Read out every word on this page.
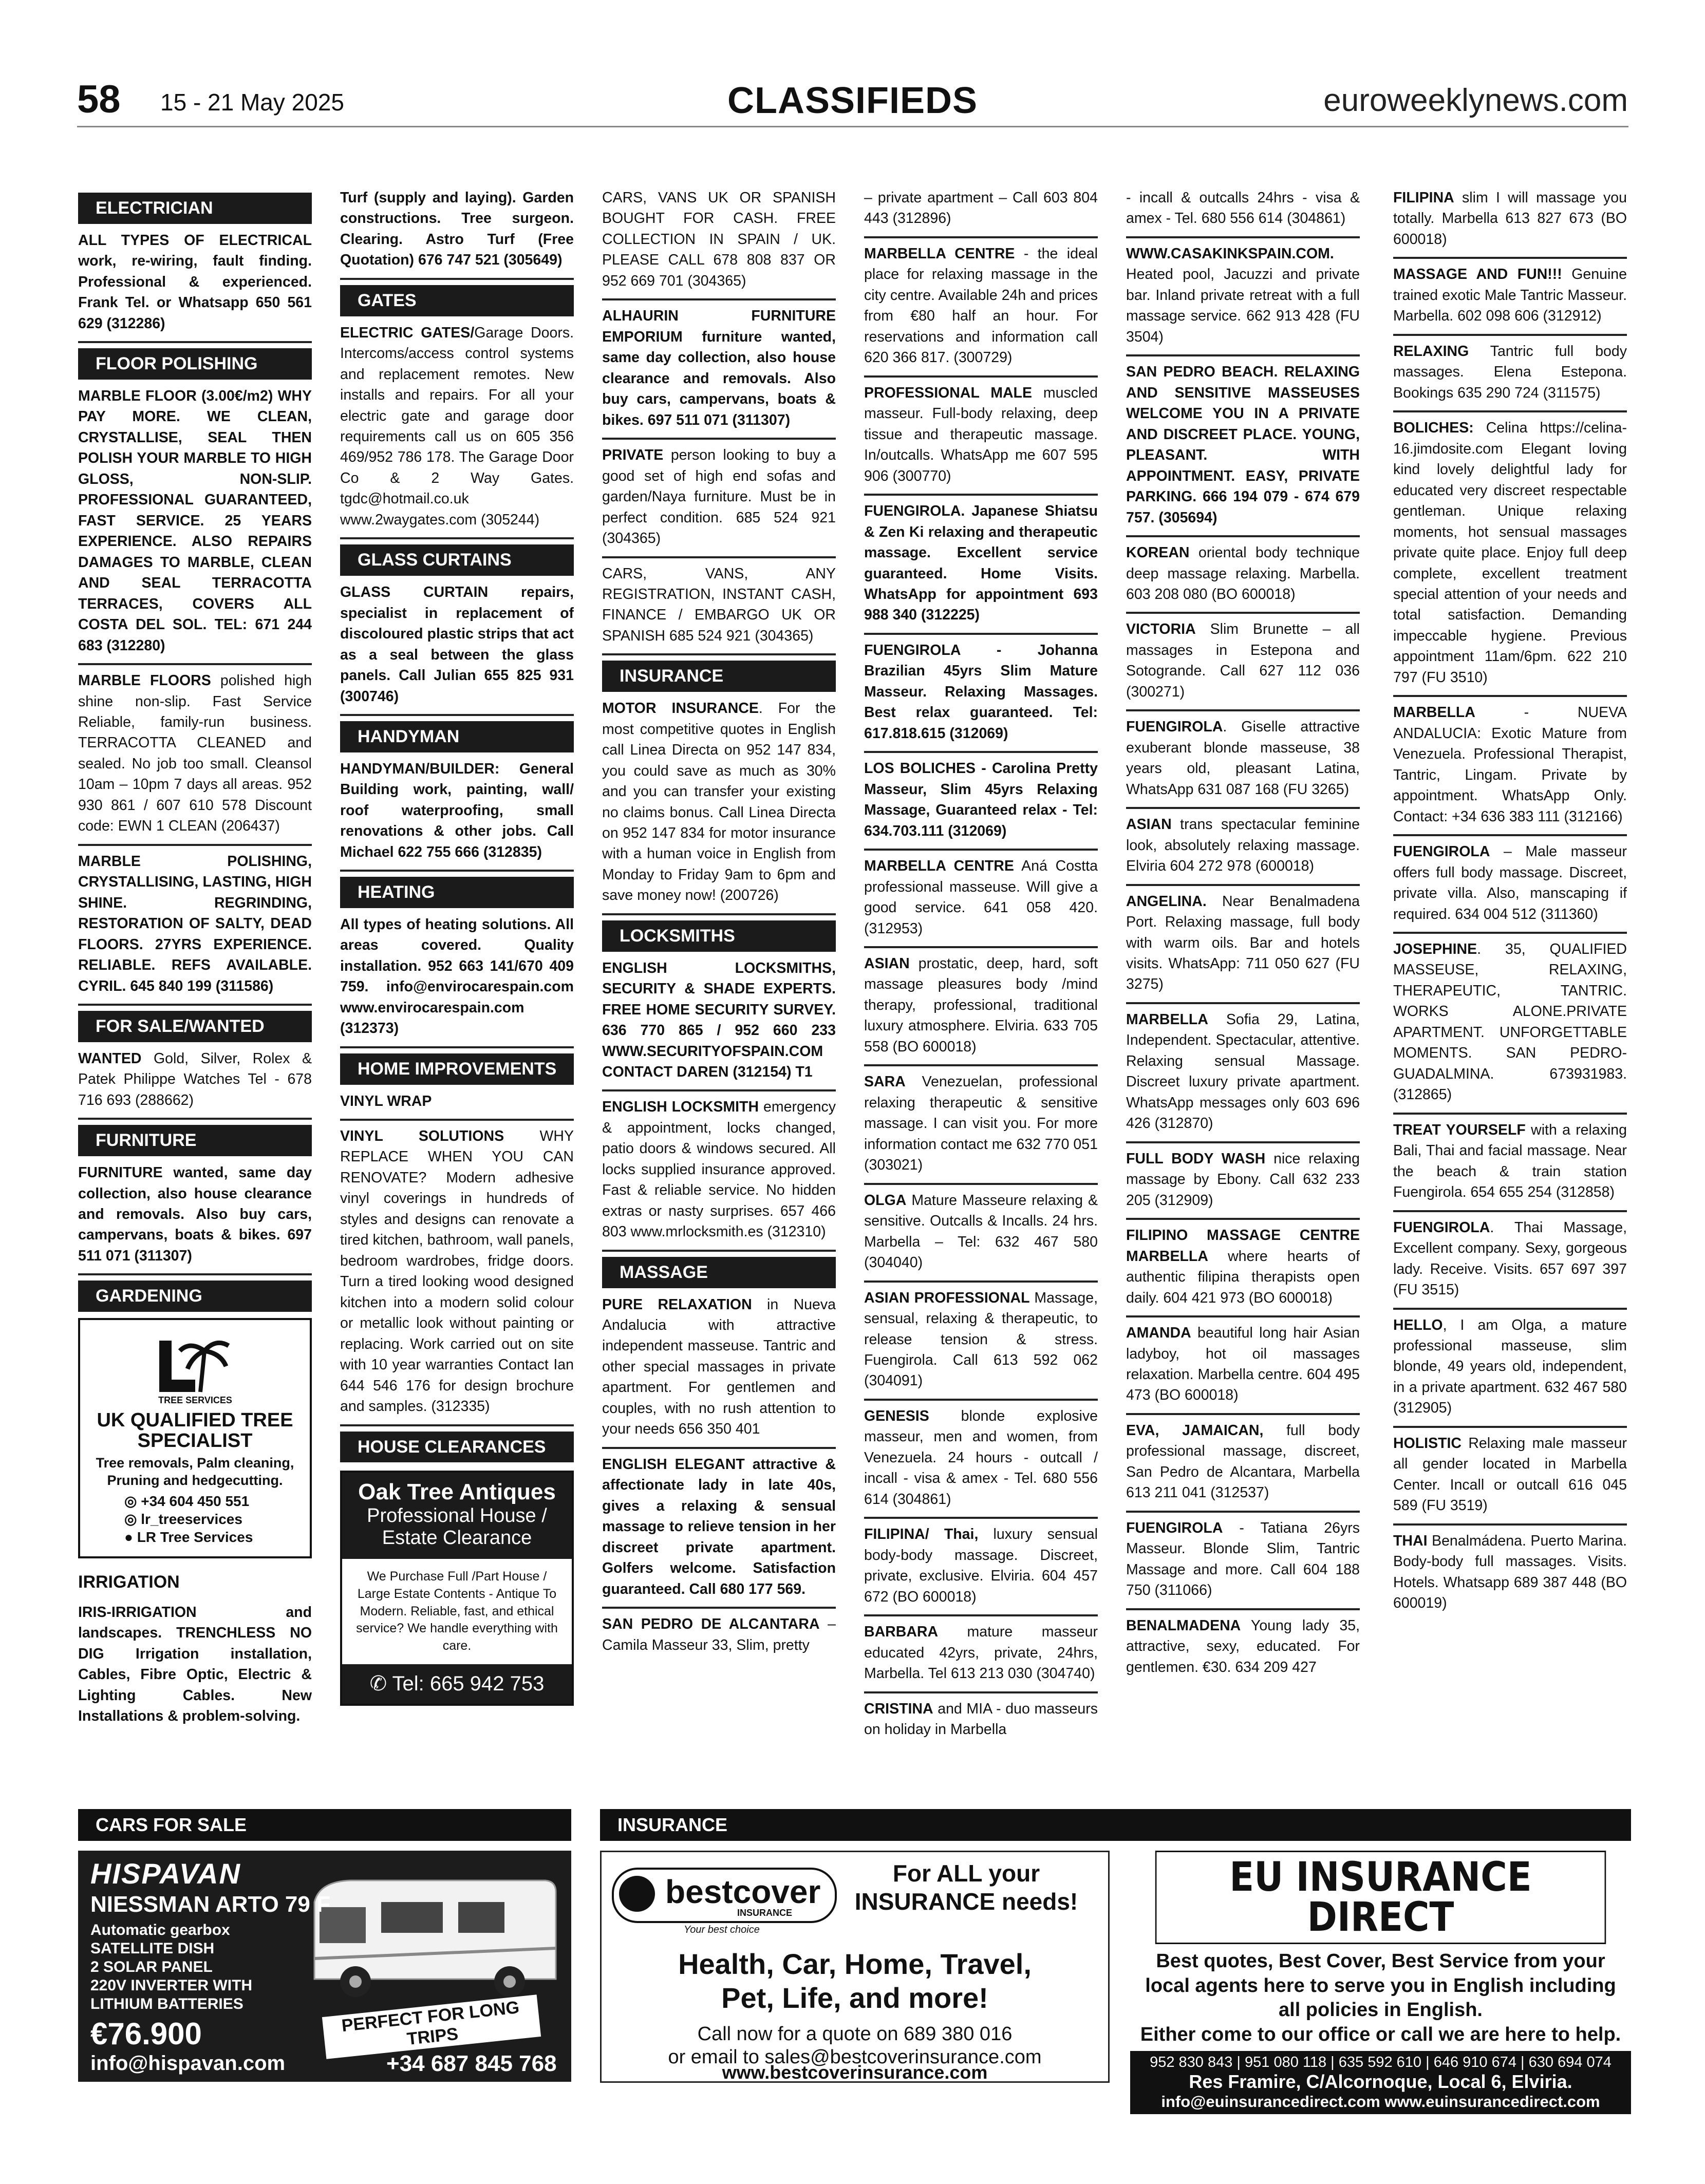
58 15 - 21 May 2025	CLASSIFIEDS	euroweeklynews.com
ELECTRICIAN
ALL TYPES OF ELECTRICAL work, re-wiring, fault finding. Professional & experienced. Frank Tel. or Whatsapp 650 561 629 (312286)
FLOOR POLISHING
MARBLE FLOOR (3.00€/m2) WHY PAY MORE. WE CLEAN, CRYSTALLISE, SEAL THEN POLISH YOUR MARBLE TO HIGH GLOSS, NON-SLIP. PROFESSIONAL GUARANTEED, FAST SERVICE. 25 YEARS EXPERIENCE. ALSO REPAIRS DAMAGES TO MARBLE, CLEAN AND SEAL TERRACOTTA TERRACES, COVERS ALL COSTA DEL SOL. TEL: 671 244 683 (312280)
MARBLE FLOORS polished high shine non-slip. Fast Service Reliable, family-run business. TERRACOTTA CLEANED and sealed. No job too small. Cleansol 10am – 10pm 7 days all areas. 952 930 861 / 607 610 578 Discount code: EWN 1 CLEAN (206437)
MARBLE POLISHING, CRYSTALLISING, LASTING, HIGH SHINE. REGRINDING, RESTORATION OF SALTY, DEAD FLOORS. 27YRS EXPERIENCE. RELIABLE. REFS AVAILABLE. CYRIL. 645 840 199 (311586)
FOR SALE/WANTED
WANTED Gold, Silver, Rolex & Patek Philippe Watches Tel - 678 716 693 (288662)
FURNITURE
FURNITURE wanted, same day collection, also house clearance and removals. Also buy cars, campervans, boats & bikes. 697 511 071 (311307)
GARDENING
TREE SERVICES
UK QUALIFIED TREE SPECIALIST
Tree removals, Palm cleaning, Pruning and hedgecutting.
◎ +34 604 450 551
◎ lr_treeservices
● LR Tree Services
IRRIGATION
IRIS-IRRIGATION and landscapes. TRENCHLESS NO DIG Irrigation installation, Cables, Fibre Optic, Electric & Lighting Cables. New Installations & problem-solving.
Turf (supply and laying). Garden constructions. Tree surgeon. Clearing. Astro Turf (Free Quotation) 676 747 521 (305649)
GATES
ELECTRIC GATES/Garage Doors. Intercoms/access control systems and replacement remotes. New installs and repairs. For all your electric gate and garage door requirements call us on 605 356 469/952 786 178. The Garage Door Co & 2 Way Gates. tgdc@hotmail.co.uk www.2waygates.com (305244)
GLASS CURTAINS
GLASS CURTAIN repairs, specialist in replacement of discoloured plastic strips that act as a seal between the glass panels. Call Julian 655 825 931 (300746)
HANDYMAN
HANDYMAN/BUILDER: General Building work, painting, wall/ roof waterproofing, small renovations & other jobs. Call Michael 622 755 666 (312835)
HEATING
All types of heating solutions. All areas covered. Quality installation. 952 663 141/670 409 759. info@envirocarespain.com www.envirocarespain.com (312373)
HOME IMPROVEMENTS
VINYL WRAP
VINYL SOLUTIONS WHY REPLACE WHEN YOU CAN RENOVATE? Modern adhesive vinyl coverings in hundreds of styles and designs can renovate a tired kitchen, bathroom, wall panels, bedroom wardrobes, fridge doors. Turn a tired looking wood designed kitchen into a modern solid colour or metallic look without painting or replacing. Work carried out on site with 10 year warranties Contact Ian 644 546 176 for design brochure and samples. (312335)
HOUSE CLEARANCES
Oak Tree Antiques
Professional House / Estate Clearance
We Purchase Full /Part House / Large Estate Contents - Antique To Modern. Reliable, fast, and ethical service? We handle everything with care.
✆ Tel: 665 942 753
CARS, VANS UK OR SPANISH BOUGHT FOR CASH. FREE COLLECTION IN SPAIN / UK. PLEASE CALL 678 808 837 OR 952 669 701 (304365)
ALHAURIN FURNITURE EMPORIUM furniture wanted, same day collection, also house clearance and removals. Also buy cars, campervans, boats & bikes. 697 511 071 (311307)
PRIVATE person looking to buy a good set of high end sofas and garden/Naya furniture. Must be in perfect condition. 685 524 921 (304365)
CARS, VANS, ANY REGISTRATION, INSTANT CASH, FINANCE / EMBARGO UK OR SPANISH 685 524 921 (304365)
INSURANCE
MOTOR INSURANCE. For the most competitive quotes in English call Linea Directa on 952 147 834, you could save as much as 30% and you can transfer your existing no claims bonus. Call Linea Directa on 952 147 834 for motor insurance with a human voice in English from Monday to Friday 9am to 6pm and save money now! (200726)
LOCKSMITHS
ENGLISH LOCKSMITHS, SECURITY & SHADE EXPERTS. FREE HOME SECURITY SURVEY. 636 770 865 / 952 660 233 WWW.SECURITYOFSPAIN.COM CONTACT DAREN (312154) T1
ENGLISH LOCKSMITH emergency & appointment, locks changed, patio doors & windows secured. All locks supplied insurance approved. Fast & reliable service. No hidden extras or nasty surprises. 657 466 803 www.mrlocksmith.es (312310)
MASSAGE
PURE RELAXATION in Nueva Andalucia with attractive independent masseuse. Tantric and other special massages in private apartment. For gentlemen and couples, with no rush attention to your needs 656 350 401
ENGLISH ELEGANT attractive & affectionate lady in late 40s, gives a relaxing & sensual massage to relieve tension in her discreet private apartment. Golfers welcome. Satisfaction guaranteed. Call 680 177 569.
SAN PEDRO DE ALCANTARA – Camila Masseur 33, Slim, pretty
– private apartment – Call 603 804 443 (312896)
MARBELLA CENTRE - the ideal place for relaxing massage in the city centre. Available 24h and prices from €80 half an hour. For reservations and information call 620 366 817. (300729)
PROFESSIONAL MALE muscled masseur. Full-body relaxing, deep tissue and therapeutic massage. In/outcalls. WhatsApp me 607 595 906 (300770)
FUENGIROLA. Japanese Shiatsu & Zen Ki relaxing and therapeutic massage. Excellent service guaranteed. Home Visits. WhatsApp for appointment 693 988 340 (312225)
FUENGIROLA - Johanna Brazilian 45yrs Slim Mature Masseur. Relaxing Massages. Best relax guaranteed. Tel: 617.818.615 (312069)
LOS BOLICHES - Carolina Pretty Masseur, Slim 45yrs Relaxing Massage, Guaranteed relax - Tel: 634.703.111 (312069)
MARBELLA CENTRE Aná Costta professional masseuse. Will give a good service. 641 058 420. (312953)
ASIAN prostatic, deep, hard, soft massage pleasures body /mind therapy, professional, traditional luxury atmosphere. Elviria. 633 705 558 (BO 600018)
SARA Venezuelan, professional relaxing therapeutic & sensitive massage. I can visit you. For more information contact me 632 770 051 (303021)
OLGA Mature Masseure relaxing & sensitive. Outcalls & Incalls. 24 hrs. Marbella – Tel: 632 467 580 (304040)
ASIAN PROFESSIONAL Massage, sensual, relaxing & therapeutic, to release tension & stress. Fuengirola. Call 613 592 062 (304091)
GENESIS blonde explosive masseur, men and women, from Venezuela. 24 hours - outcall / incall - visa & amex - Tel. 680 556 614 (304861)
FILIPINA/ Thai, luxury sensual body-body massage. Discreet, private, exclusive. Elviria. 604 457 672 (BO 600018)
BARBARA mature masseur educated 42yrs, private, 24hrs, Marbella. Tel 613 213 030 (304740)
CRISTINA and MIA - duo masseurs on holiday in Marbella
- incall & outcalls 24hrs - visa & amex - Tel. 680 556 614 (304861)
WWW.CASAKINKSPAIN.COM. Heated pool, Jacuzzi and private bar. Inland private retreat with a full massage service. 662 913 428 (FU 3504)
SAN PEDRO BEACH. RELAXING AND SENSITIVE MASSEUSES WELCOME YOU IN A PRIVATE AND DISCREET PLACE. YOUNG, PLEASANT. WITH APPOINTMENT. EASY, PRIVATE PARKING. 666 194 079 - 674 679 757. (305694)
KOREAN oriental body technique deep massage relaxing. Marbella. 603 208 080 (BO 600018)
VICTORIA Slim Brunette – all massages in Estepona and Sotogrande. Call 627 112 036 (300271)
FUENGIROLA. Giselle attractive exuberant blonde masseuse, 38 years old, pleasant Latina, WhatsApp 631 087 168 (FU 3265)
ASIAN trans spectacular feminine look, absolutely relaxing massage. Elviria 604 272 978 (600018)
ANGELINA. Near Benalmadena Port. Relaxing massage, full body with warm oils. Bar and hotels visits. WhatsApp: 711 050 627 (FU 3275)
MARBELLA Sofia 29, Latina, Independent. Spectacular, attentive. Relaxing sensual Massage. Discreet luxury private apartment. WhatsApp messages only 603 696 426 (312870)
FULL BODY WASH nice relaxing massage by Ebony. Call 632 233 205 (312909)
FILIPINO MASSAGE CENTRE MARBELLA where hearts of authentic filipina therapists open daily. 604 421 973 (BO 600018)
AMANDA beautiful long hair Asian ladyboy, hot oil massages relaxation. Marbella centre. 604 495 473 (BO 600018)
EVA, JAMAICAN, full body professional massage, discreet, San Pedro de Alcantara, Marbella 613 211 041 (312537)
FUENGIROLA - Tatiana 26yrs Masseur. Blonde Slim, Tantric Massage and more. Call 604 188 750 (311066)
BENALMADENA Young lady 35, attractive, sexy, educated. For gentlemen. €30. 634 209 427
FILIPINA slim I will massage you totally. Marbella 613 827 673 (BO 600018)
MASSAGE AND FUN!!! Genuine trained exotic Male Tantric Masseur. Marbella. 602 098 606 (312912)
RELAXING Tantric full body massages. Elena Estepona. Bookings 635 290 724 (311575)
BOLICHES: Celina https://celina-16.jimdosite.com Elegant loving kind lovely delightful lady for educated very discreet respectable gentleman. Unique relaxing moments, hot sensual massages private quite place. Enjoy full deep complete, excellent treatment special attention of your needs and total satisfaction. Demanding impeccable hygiene. Previous appointment 11am/6pm. 622 210 797 (FU 3510)
MARBELLA - NUEVA ANDALUCIA: Exotic Mature from Venezuela. Professional Therapist, Tantric, Lingam. Private by appointment. WhatsApp Only. Contact: +34 636 383 111 (312166)
FUENGIROLA – Male masseur offers full body massage. Discreet, private villa. Also, manscaping if required. 634 004 512 (311360)
JOSEPHINE. 35, QUALIFIED MASSEUSE, RELAXING, THERAPEUTIC, TANTRIC. WORKS ALONE.PRIVATE APARTMENT. UNFORGETTABLE MOMENTS. SAN PEDRO-GUADALMINA. 673931983. (312865)
TREAT YOURSELF with a relaxing Bali, Thai and facial massage. Near the beach & train station Fuengirola. 654 655 254 (312858)
FUENGIROLA. Thai Massage, Excellent company. Sexy, gorgeous lady. Receive. Visits. 657 697 397 (FU 3515)
HELLO, I am Olga, a mature professional masseuse, slim blonde, 49 years old, independent, in a private apartment. 632 467 580 (312905)
HOLISTIC Relaxing male masseur all gender located in Marbella Center. Incall or outcall 616 045 589 (FU 3519)
THAI Benalmádena. Puerto Marina. Body-body full massages. Visits. Hotels. Whatsapp 689 387 448 (BO 600019)
CARS FOR SALE	INSURANCE
HISPAVAN
NIESSMAN ARTO 79 F
Automatic gearbox
SATELLITE DISH
2 SOLAR PANEL
220V INVERTER WITH
LITHIUM BATTERIES
€76.900
info@hispavan.com
PERFECT FOR LONG TRIPS
+34 687 845 768
bestcover
INSURANCE
Your best choice
For ALL your
INSURANCE needs!
Health, Car, Home, Travel,
Pet, Life, and more!
Call now for a quote on 689 380 016
or email to sales@bestcoverinsurance.com
www.bestcoverinsurance.com
EU INSURANCE DIRECT
Best quotes, Best Cover, Best Service from your local agents here to serve you in English including all policies in English.
Either come to our office or call we are here to help.
952 830 843 | 951 080 118 | 635 592 610 | 646 910 674 | 630 694 074
Res Framire, C/Alcornoque, Local 6, Elviria.
info@euinsurancedirect.com www.euinsurancedirect.com
